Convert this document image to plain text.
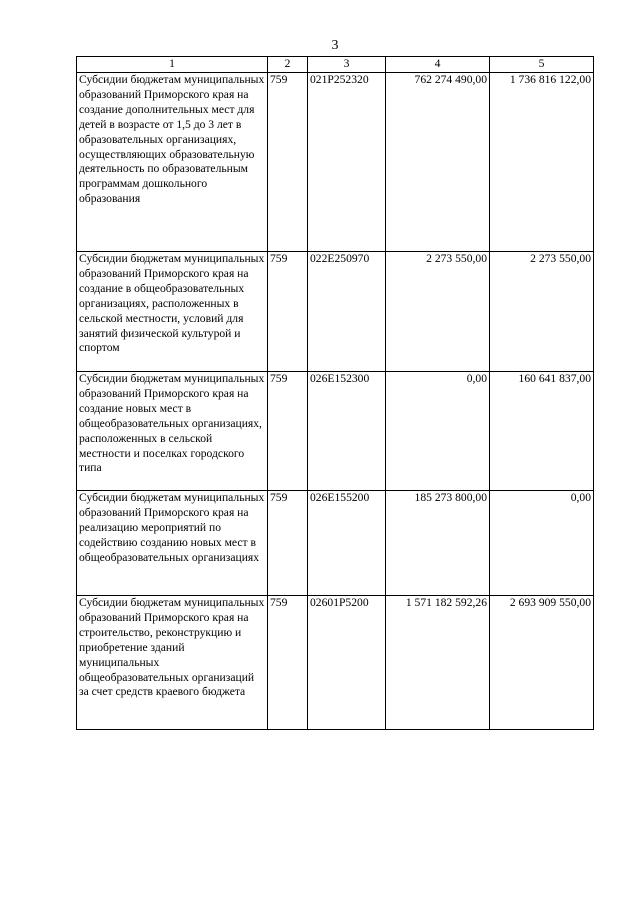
3
1	2	3	4	5
Субсидии бюджетам муниципальных образований Приморского края на создание дополнительных мест для детей в возрасте от 1,5 до 3 лет в образовательных организациях, осуществляющих образовательную деятельность по образовательным программам дошкольного образования	759	021P252320	762 274 490,00	1 736 816 122,00
Субсидии бюджетам муниципальных образований Приморского края на создание в общеобразовательных организациях, расположенных в сельской местности, условий для занятий физической культурой и спортом	759	022E250970	2 273 550,00	2 273 550,00
Субсидии бюджетам муниципальных образований Приморского края на создание новых мест в общеобразовательных организациях, расположенных в сельской местности и поселках городского типа	759	026E152300	0,00	160 641 837,00
Субсидии бюджетам муниципальных образований Приморского края на реализацию мероприятий по содействию созданию новых мест в общеобразовательных организациях	759	026E155200	185 273 800,00	0,00
Субсидии бюджетам муниципальных образований Приморского края на строительство, реконструкцию и приобретение зданий муниципальных общеобразовательных организаций за счет средств краевого бюджета	759	02601P5200	1 571 182 592,26	2 693 909 550,00
